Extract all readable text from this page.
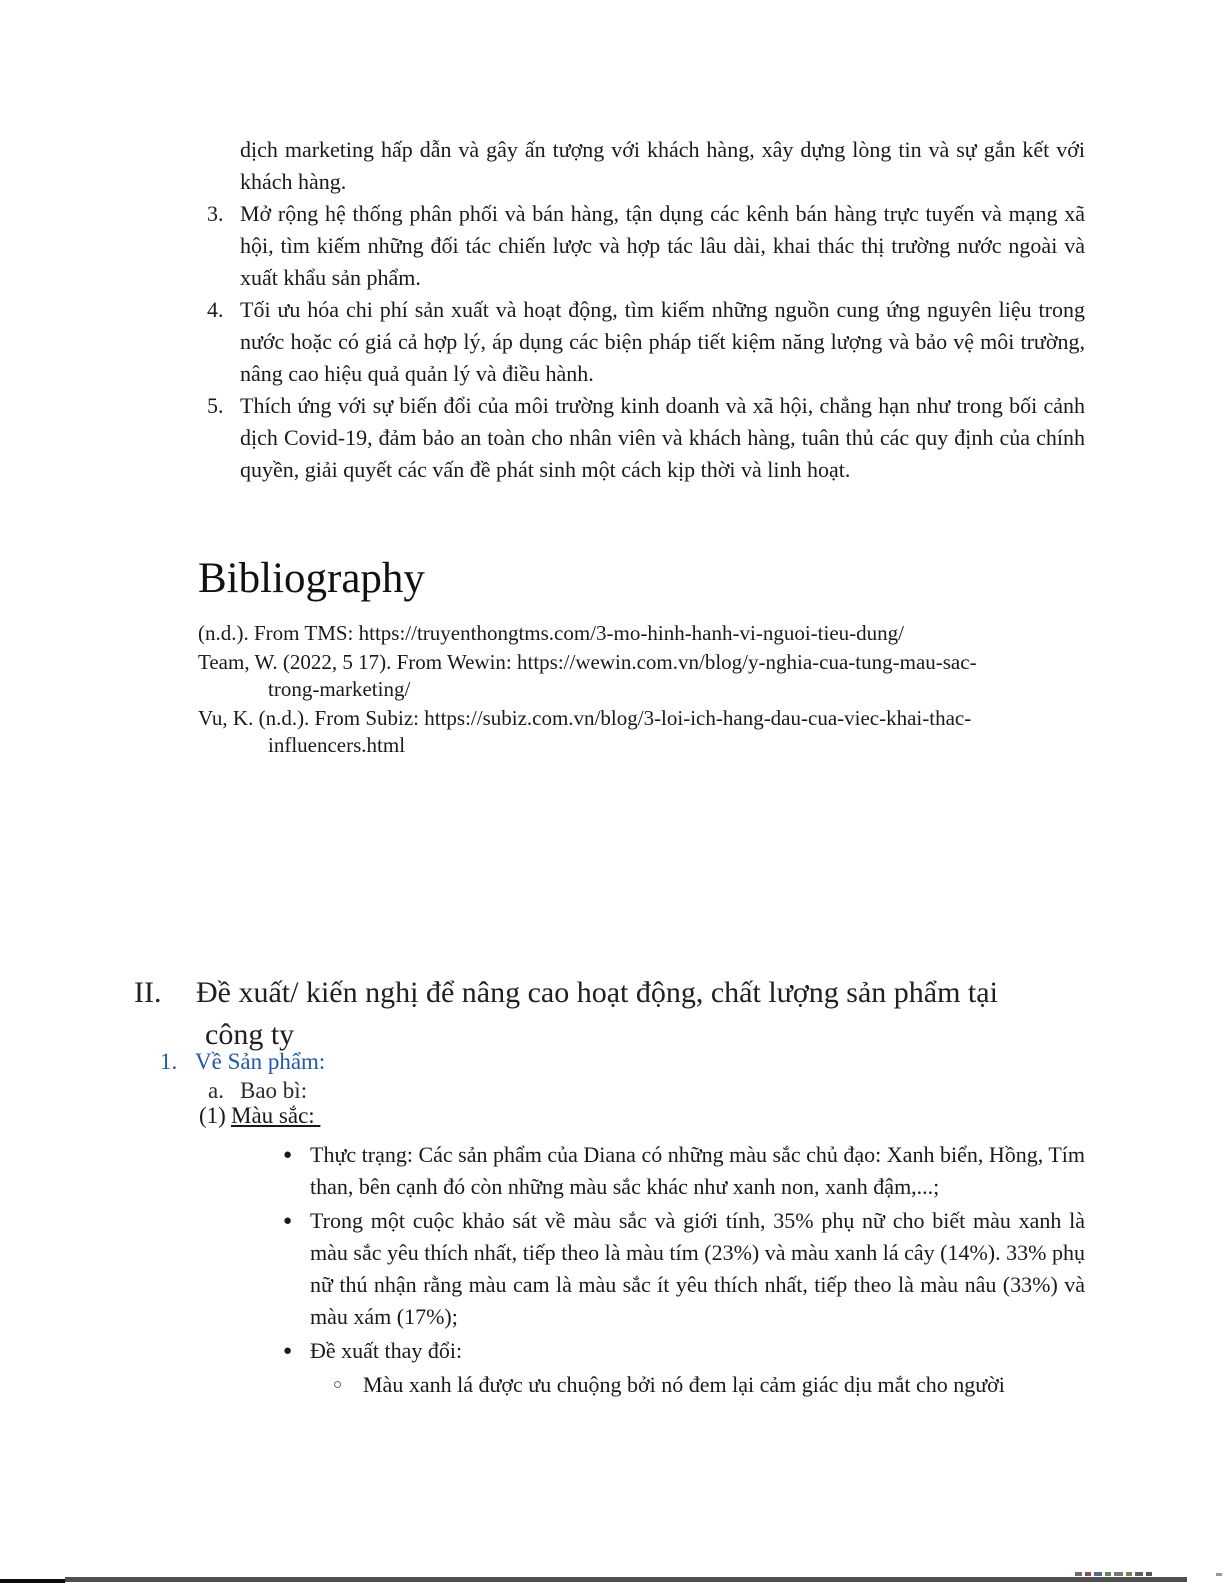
dịch marketing hấp dẫn và gây ấn tượng với khách hàng, xây dựng lòng tin và sự gắn kết với khách hàng.
3. Mở rộng hệ thống phân phối và bán hàng, tận dụng các kênh bán hàng trực tuyến và mạng xã hội, tìm kiếm những đối tác chiến lược và hợp tác lâu dài, khai thác thị trường nước ngoài và xuất khẩu sản phẩm.
4. Tối ưu hóa chi phí sản xuất và hoạt động, tìm kiếm những nguồn cung ứng nguyên liệu trong nước hoặc có giá cả hợp lý, áp dụng các biện pháp tiết kiệm năng lượng và bảo vệ môi trường, nâng cao hiệu quả quản lý và điều hành.
5. Thích ứng với sự biến đổi của môi trường kinh doanh và xã hội, chẳng hạn như trong bối cảnh dịch Covid-19, đảm bảo an toàn cho nhân viên và khách hàng, tuân thủ các quy định của chính quyền, giải quyết các vấn đề phát sinh một cách kịp thời và linh hoạt.
Bibliography
(n.d.). From TMS: https://truyenthongtms.com/3-mo-hinh-hanh-vi-nguoi-tieu-dung/
Team, W. (2022, 5 17). From Wewin: https://wewin.com.vn/blog/y-nghia-cua-tung-mau-sac-
trong-marketing/
Vu, K. (n.d.). From Subiz: https://subiz.com.vn/blog/3-loi-ich-hang-dau-cua-viec-khai-thac-
influencers.html
II. Đề xuất/ kiến nghị để nâng cao hoạt động, chất lượng sản phẩm tại
công ty
1. Về Sản phẩm:
a. Bao bì:
(1) Màu sắc:
● Thực trạng: Các sản phẩm của Diana có những màu sắc chủ đạo: Xanh biển, Hồng, Tím than, bên cạnh đó còn những màu sắc khác như xanh non, xanh đậm,...;
● Trong một cuộc khảo sát về màu sắc và giới tính, 35% phụ nữ cho biết màu xanh là màu sắc yêu thích nhất, tiếp theo là màu tím (23%) và màu xanh lá cây (14%). 33% phụ nữ thú nhận rằng màu cam là màu sắc ít yêu thích nhất, tiếp theo là màu nâu (33%) và màu xám (17%);
● Đề xuất thay đổi:
○ Màu xanh lá được ưu chuộng bởi nó đem lại cảm giác dịu mắt cho người
